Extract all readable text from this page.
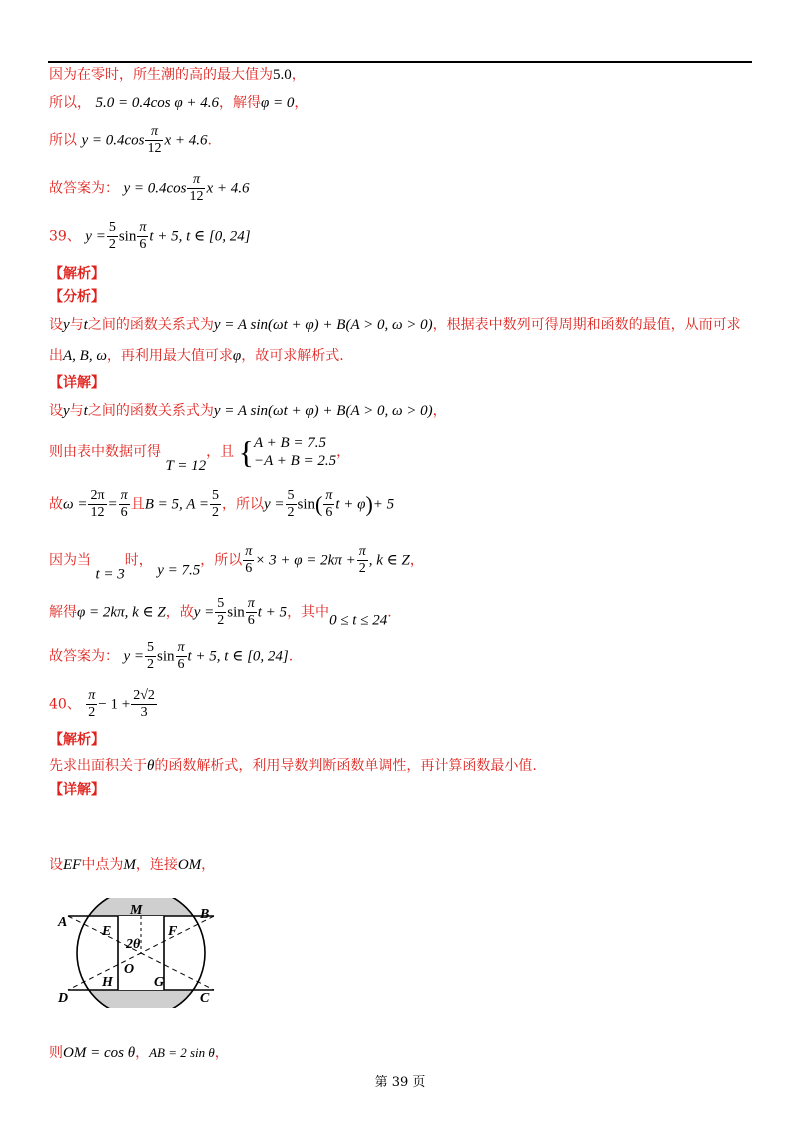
因为在零时，所生潮的高的最大值为5.0，
所以， 5.0 = 0.4cos φ + 4.6，解得φ = 0，
所以 $y = 0.4\cos \frac{\pi}{12}$ x + 4.6.
故答案为： $y = 0.4\cos \frac{\pi}{12}$ x + 4.6
39、 $y = \frac{5}{2}$ $\sin \frac{\pi}{6}$ t + 5, t ∈ [0, 24]
【解析】
【分析】
设y与t之间的函数关系式为y = A sin(ωt + φ) + B(A > 0, ω > 0)，根据表中数列可得周期和函数的最值，从而可求
出A, B, ω，再利用最大值可求φ，故可求解析式.
【详解】
设y与t之间的函数关系式为y = A sin(ωt + φ) + B(A > 0, ω > 0)，
则由表中数据可得 T = 12，且 { A + B = 7.5
−A + B = 2.5
，
故$\omega = \frac{2\pi}{12} = \frac{\pi}{6}$ 且B = 5, $A = \frac{5}{2}$ ，所以$y = \frac{5}{2} \sin( \frac{\pi}{6}$ t + φ)+ 5
因为当 t = 3时， y = 7.5，所以 $\frac{\pi}{6} \times 3 + \varphi = 2k\pi + \frac{\pi}{2}$ , k ∈ Z，
解得φ = 2kπ, k ∈ Z，故$y = \frac{5}{2}$ $\sin \frac{\pi}{6}$ t + 5，其中0 ≤ t ≤ 24.
故答案为： $y = \frac{5}{2}$ $\sin \frac{\pi}{6}$ t + 5, t ∈ [0, 24].
40、 $\frac{\pi}{2} - 1 + \frac{2√2}{3}$
【解析】
先求出面积关于θ的函数解析式，利用导数判断函数单调性，再计算函数最小值.
【详解】
设EF中点为M，连接OM，
A
B
C
D
E	F
G
H
M
O
2θ
则OM = cos θ，AB = 2 sin θ，
第 39 页
